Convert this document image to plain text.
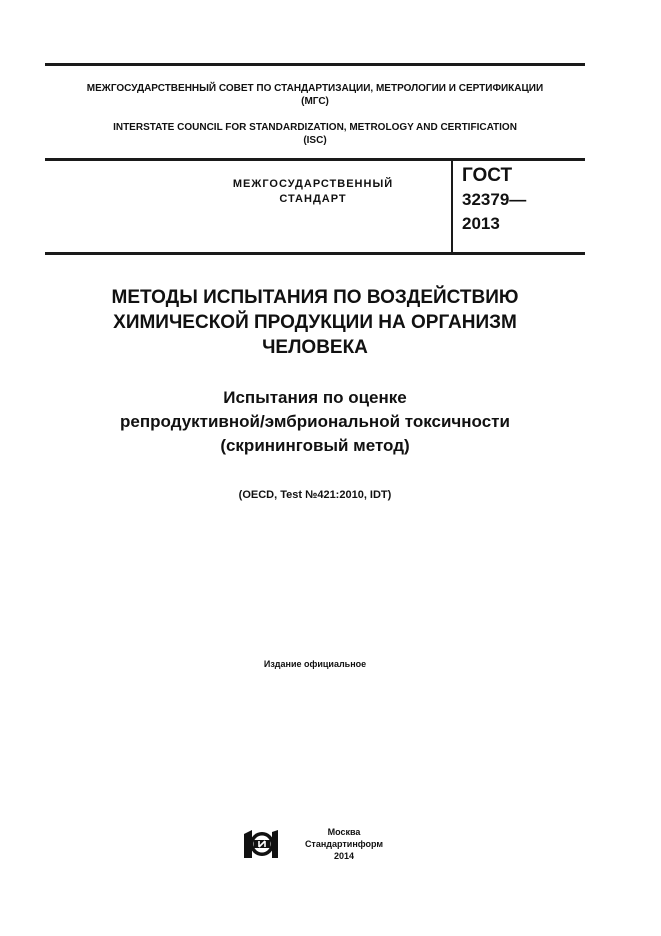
МЕЖГОСУДАРСТВЕННЫЙ СОВЕТ ПО СТАНДАРТИЗАЦИИ, МЕТРОЛОГИИ И СЕРТИФИКАЦИИ
(МГС)
INTERSTATE COUNCIL FOR STANDARDIZATION, METROLOGY AND CERTIFICATION
(ISC)
МЕЖГОСУДАРСТВЕННЫЙ
СТАНДАРТ
ГОСТ
32379—
2013
МЕТОДЫ ИСПЫТАНИЯ ПО ВОЗДЕЙСТВИЮ
ХИМИЧЕСКОЙ ПРОДУКЦИИ НА ОРГАНИЗМ
ЧЕЛОВЕКА
Испытания по оценке
репродуктивной/эмбриональной токсичности
(скрининговый метод)
(OECD, Test №421:2010, IDT)
Издание официальное
Москва
Стандартинформ
2014
